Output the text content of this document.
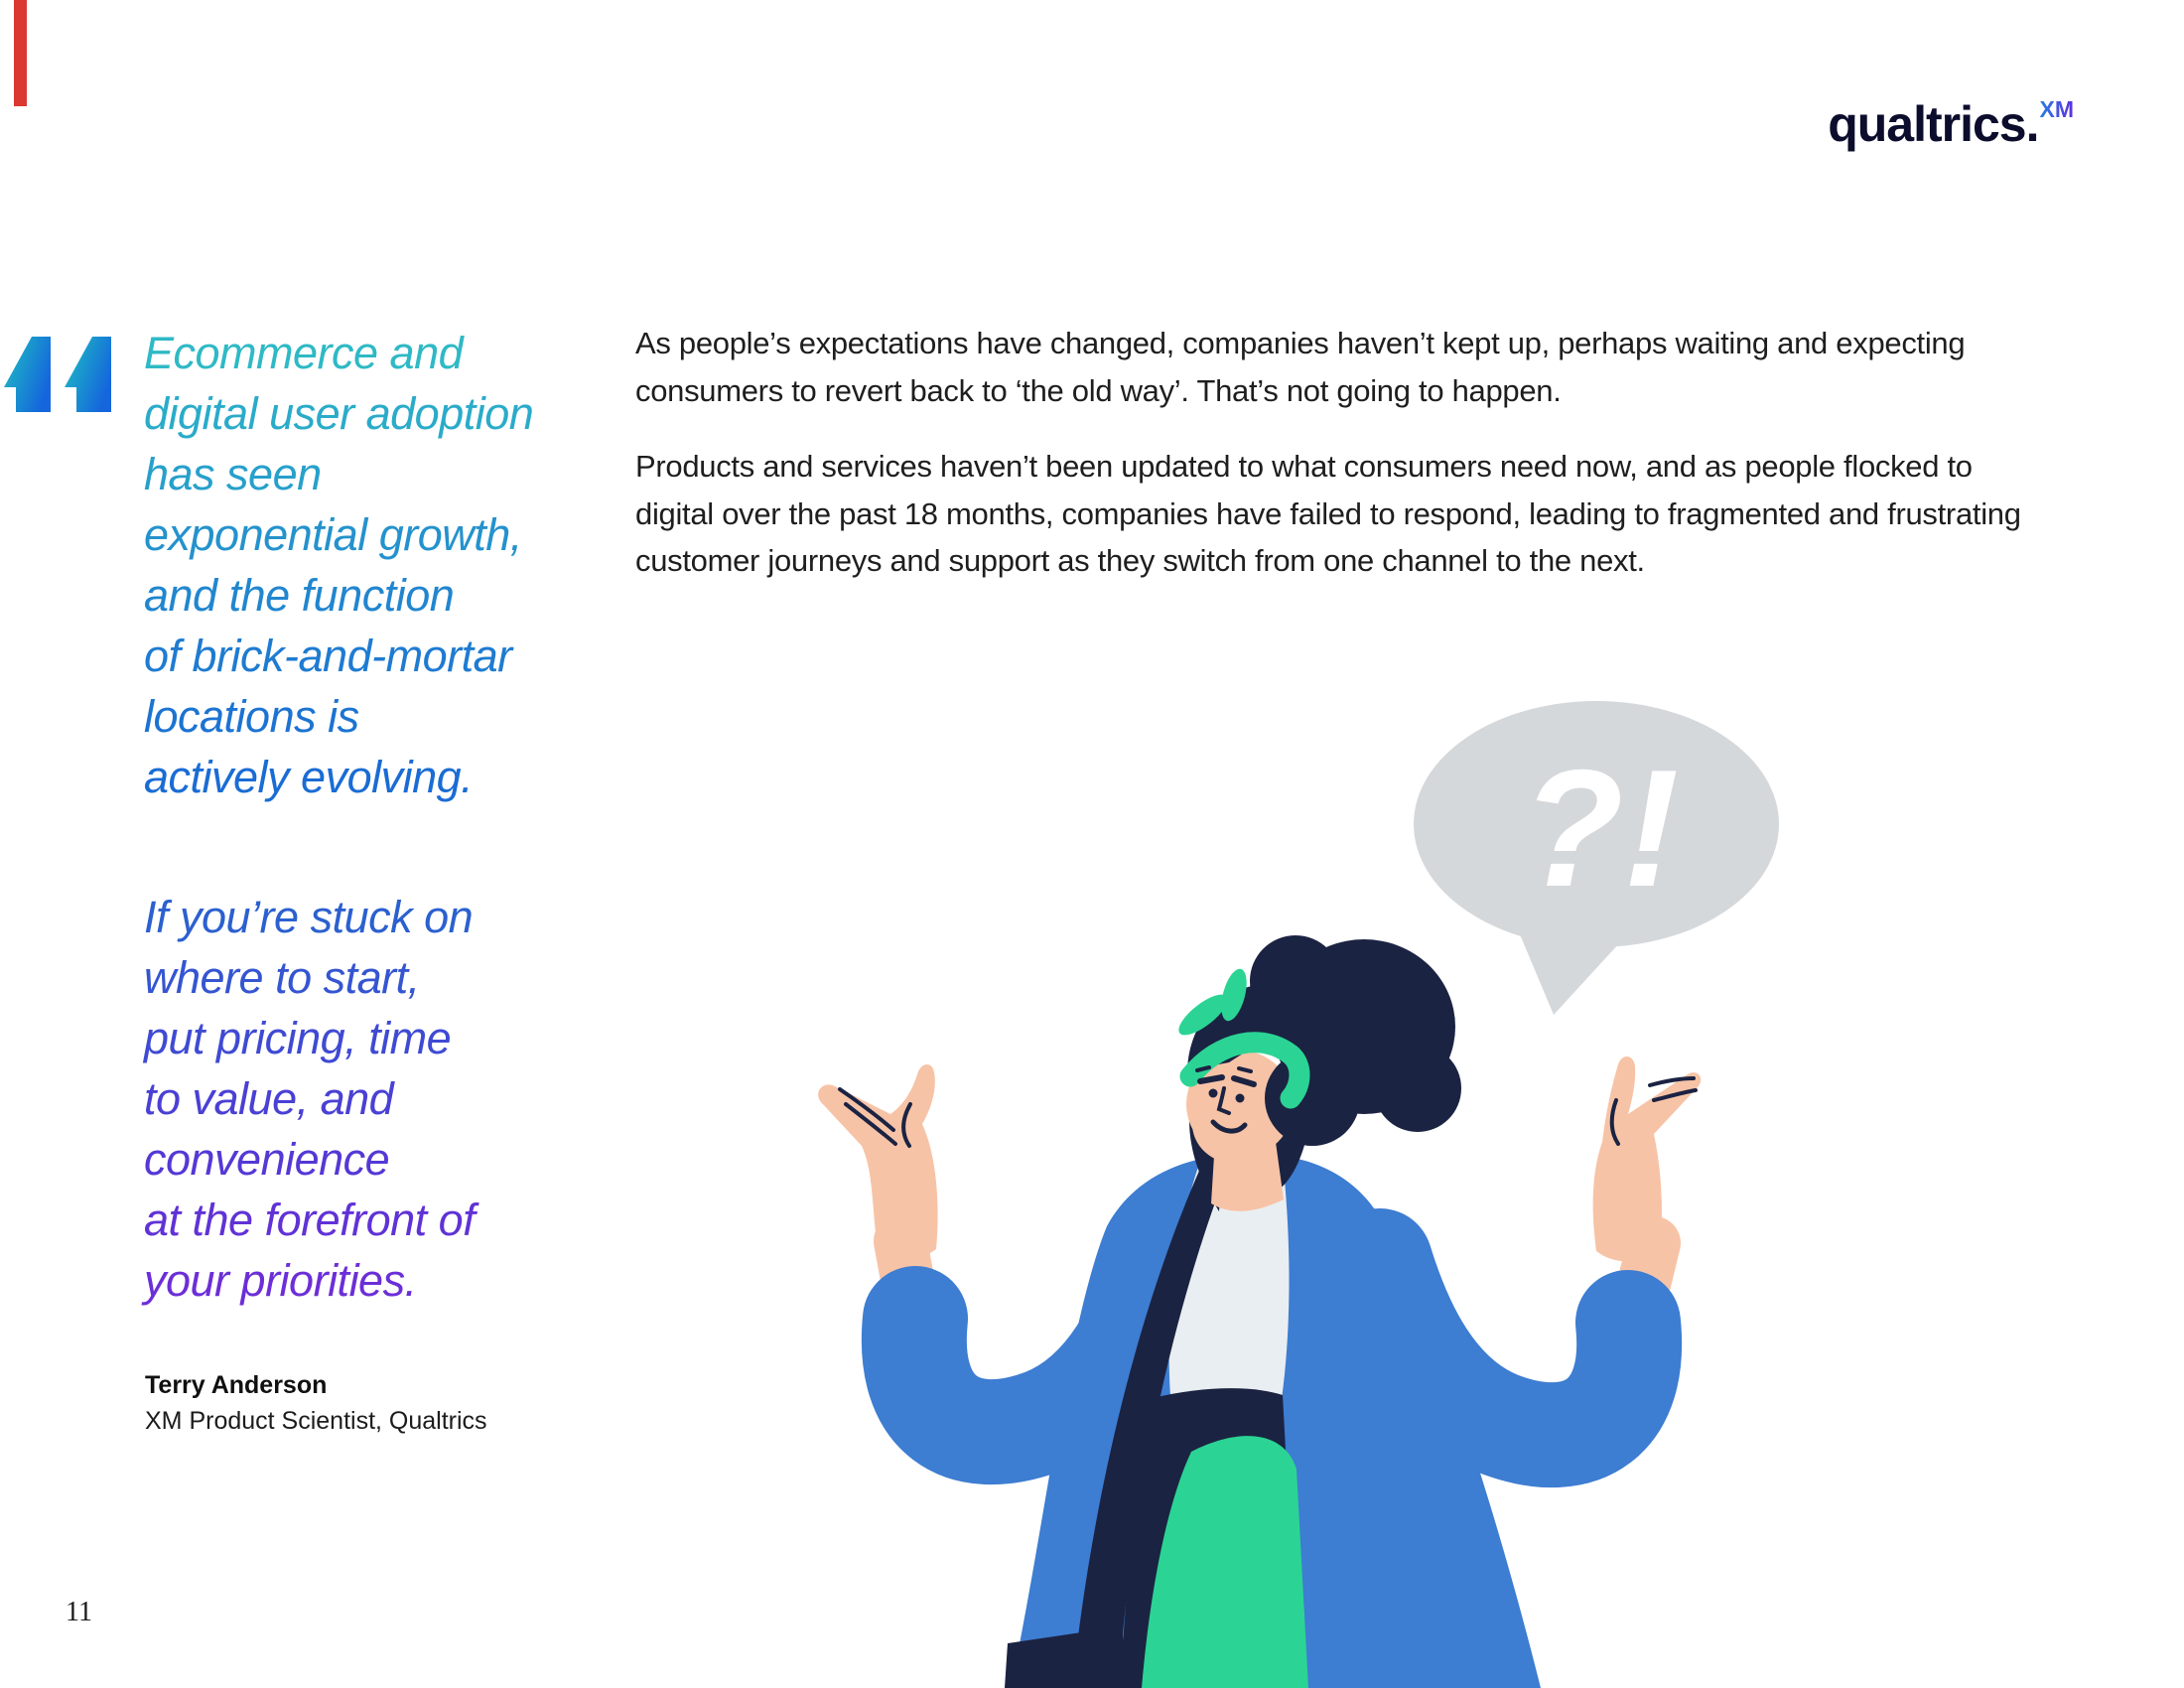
qualtrics.$^{XM}$
Ecommerce and
digital user adoption
has seen
exponential growth,
and the function
of brick-and-mortar
locations is
actively evolving.
If you’re stuck on
where to start,
put pricing, time
to value, and
convenience
at the forefront of
your priorities.
Terry Anderson
XM Product Scientist, Qualtrics

As people’s expectations have changed, companies haven’t kept up, perhaps waiting and expecting consumers to revert back to ‘the old way’. That’s not going to happen.

Products and services haven’t been updated to what consumers need now, and as people flocked to digital over the past 18 months, companies have failed to respond, leading to fragmented and frustrating customer journeys and support as they switch from one channel to the next.

?!
11
